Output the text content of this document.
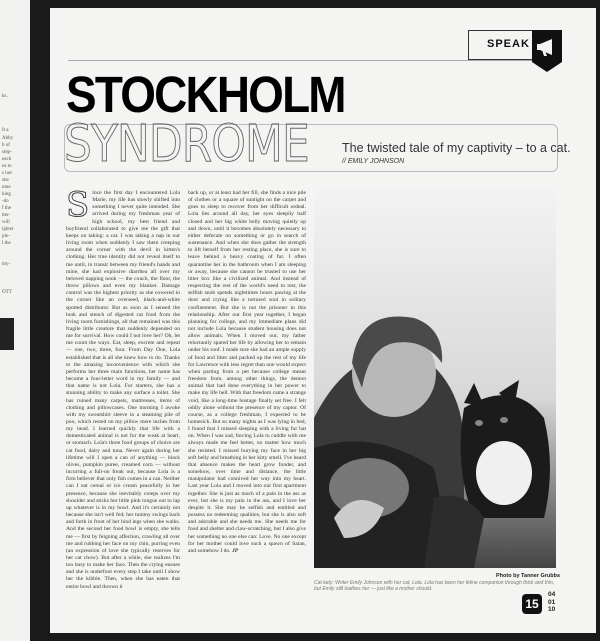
ks.
It a
Abby
h of
step-
each
ns to
s hav
she
nme
king
-do
f the
tter-
will
ighter
ple-
l the
my-
OTT
SPEAK
STOCKHOLM
SYNDROME	The twisted tale of my captivity – to a cat.
// EMILY JOHNSON
S ince the first day I encountered Lola Marie, my life has slowly shifted into something I never quite intended. She arrived during my freshman year of high school, my best friend and boyfriend collaborated to give me the gift that keeps on taking: a cat. I was taking a nap in our living room when suddenly I saw them creeping around the corner with the devil in kitten's clothing. Her true identity did not reveal itself to me until, in transit between my friend's hands and mine, she had explosive diarrhea all over my beloved napping nook — the couch, the floor, the throw pillows and even my blanket. Damage control was the highest priority as she cowered in the corner like an overseed, black-and-white spotted distributor. But as soon as I sensed the look and stench of digested cat food from the living room furnishings, all that remained was this fragile little creature that suddenly depended on me for survival. How could I not love her? Oh, let me count the ways. Eat, sleep, excrete and repeat — one, two, three, four. From Day One, Lola established that is all she knew how to do. Thanks to the amazing inconvenience with which she performs her three main functions, her name has become a four-letter word in my family — and that name is not Lola. For starters, she has a stunning ability to make any surface a toilet. She has ruined many carpets, mattresses, items of clothing and pillowcases. One morning I awoke with my sweatshirt sleeve in a steaming pile of poo, which rested on my pillow mere inches from my head. I learned quickly that life with a domesticated animal is not for the weak at heart, or stomach. Lola's three food groups of choice are cat food, dairy and tuna. Never again during her lifetime will I open a can of anything — black olives, pumpkin puree, creamed corn — without incurring a full-on freak out, because Lola is a firm believer that only fish comes in a can. Neither can I eat cereal or ice cream peacefully in her presence, because she inevitably creeps over my shoulder and sticks her little pink tongue out to lap up whatever is in my bowl. And it's certainly not because she isn't well fed; her tummy swings back and forth in front of her hind legs when she walks. And the second her food bowl is empty, she tells me — first by feigning affection, crawling all over me and rubbing her face on my chin, purring even (an expression of love she typically reserves for her cat chow). But after a while, she realizes I'm too busy to make her face. Then the crying ensues and she is underfoot every step I take until I show her the kibble. Then, when she has eaten that entire bowl and thrown it
back up, or at least had her fill, she finds a nice pile of clothes or a square of sunlight on the carpet and goes to sleep to recover from her difficult ordeal. Lola lies around all day, her eyes sleepily half closed and her big white belly moving quietly up and down, until it becomes absolutely necessary to either defecate on something or go in search of sustenance. And when she does gather the strength to lift herself from her resting place, she is sure to leave behind a heavy coating of fur. I often quarantine her in the bathroom when I am sleeping or away, because she cannot be trusted to use her litter box like a civilized animal. And instead of respecting the rest of the world's need to rest, the selfish snob spends nighttimes hours pawing at the door and crying like a tortured soul in solitary confinement. But she is not the prisoner in this relationship. After our first year together, I began planning for college, and my immediate plans did not include Lola because student housing does not allow animals. When I moved out, my father reluctantly spared her life by allowing her to remain under his roof. I made sure she had an ample supply of food and litter and packed up the rest of my life for Lawrence with less regret than one would expect when parting from a pet because college meant freedom from, among other things, the demon animal that had done everything in her power to make my life hell. With that freedom came a strange void, like a long-time hostage finally set free. I felt oddly alone without the presence of my captor. Of course, as a college freshman, I expected to be homesick. But so many nights as I was lying in bed, I found that I missed sleeping with a living fur hat on. When I was sad, forcing Lola to cuddle with me always made me feel better, no matter how much she resisted. I missed burying my face in her big soft belly and breathing in her kitty smell. I've heard that absence makes the heart grow fonder, and somehow, over time and distance, the little manipulator had connived her way into my heart. Last year Lola and I moved into our first apartment together. She is just as much of a pain in the ass as ever, but she is my pain in the ass, and I love her despite it. She may be selfish and entitled and possess no redeeming qualities, but she is also soft and adorable and she needs me. She needs me for food and shelter and claw-scratching, but I also give her something no one else can: Love. No one except for her mother could love such a spawn of Satan, and somehow I do. JP
Photo by Tanner Grubbs
Cat lady: Writer Emily Johnson with her cat, Lola. Lola has been her feline companion through thick and thin, but Emily still loathes her — just like a mother should.
15
04
01
10
